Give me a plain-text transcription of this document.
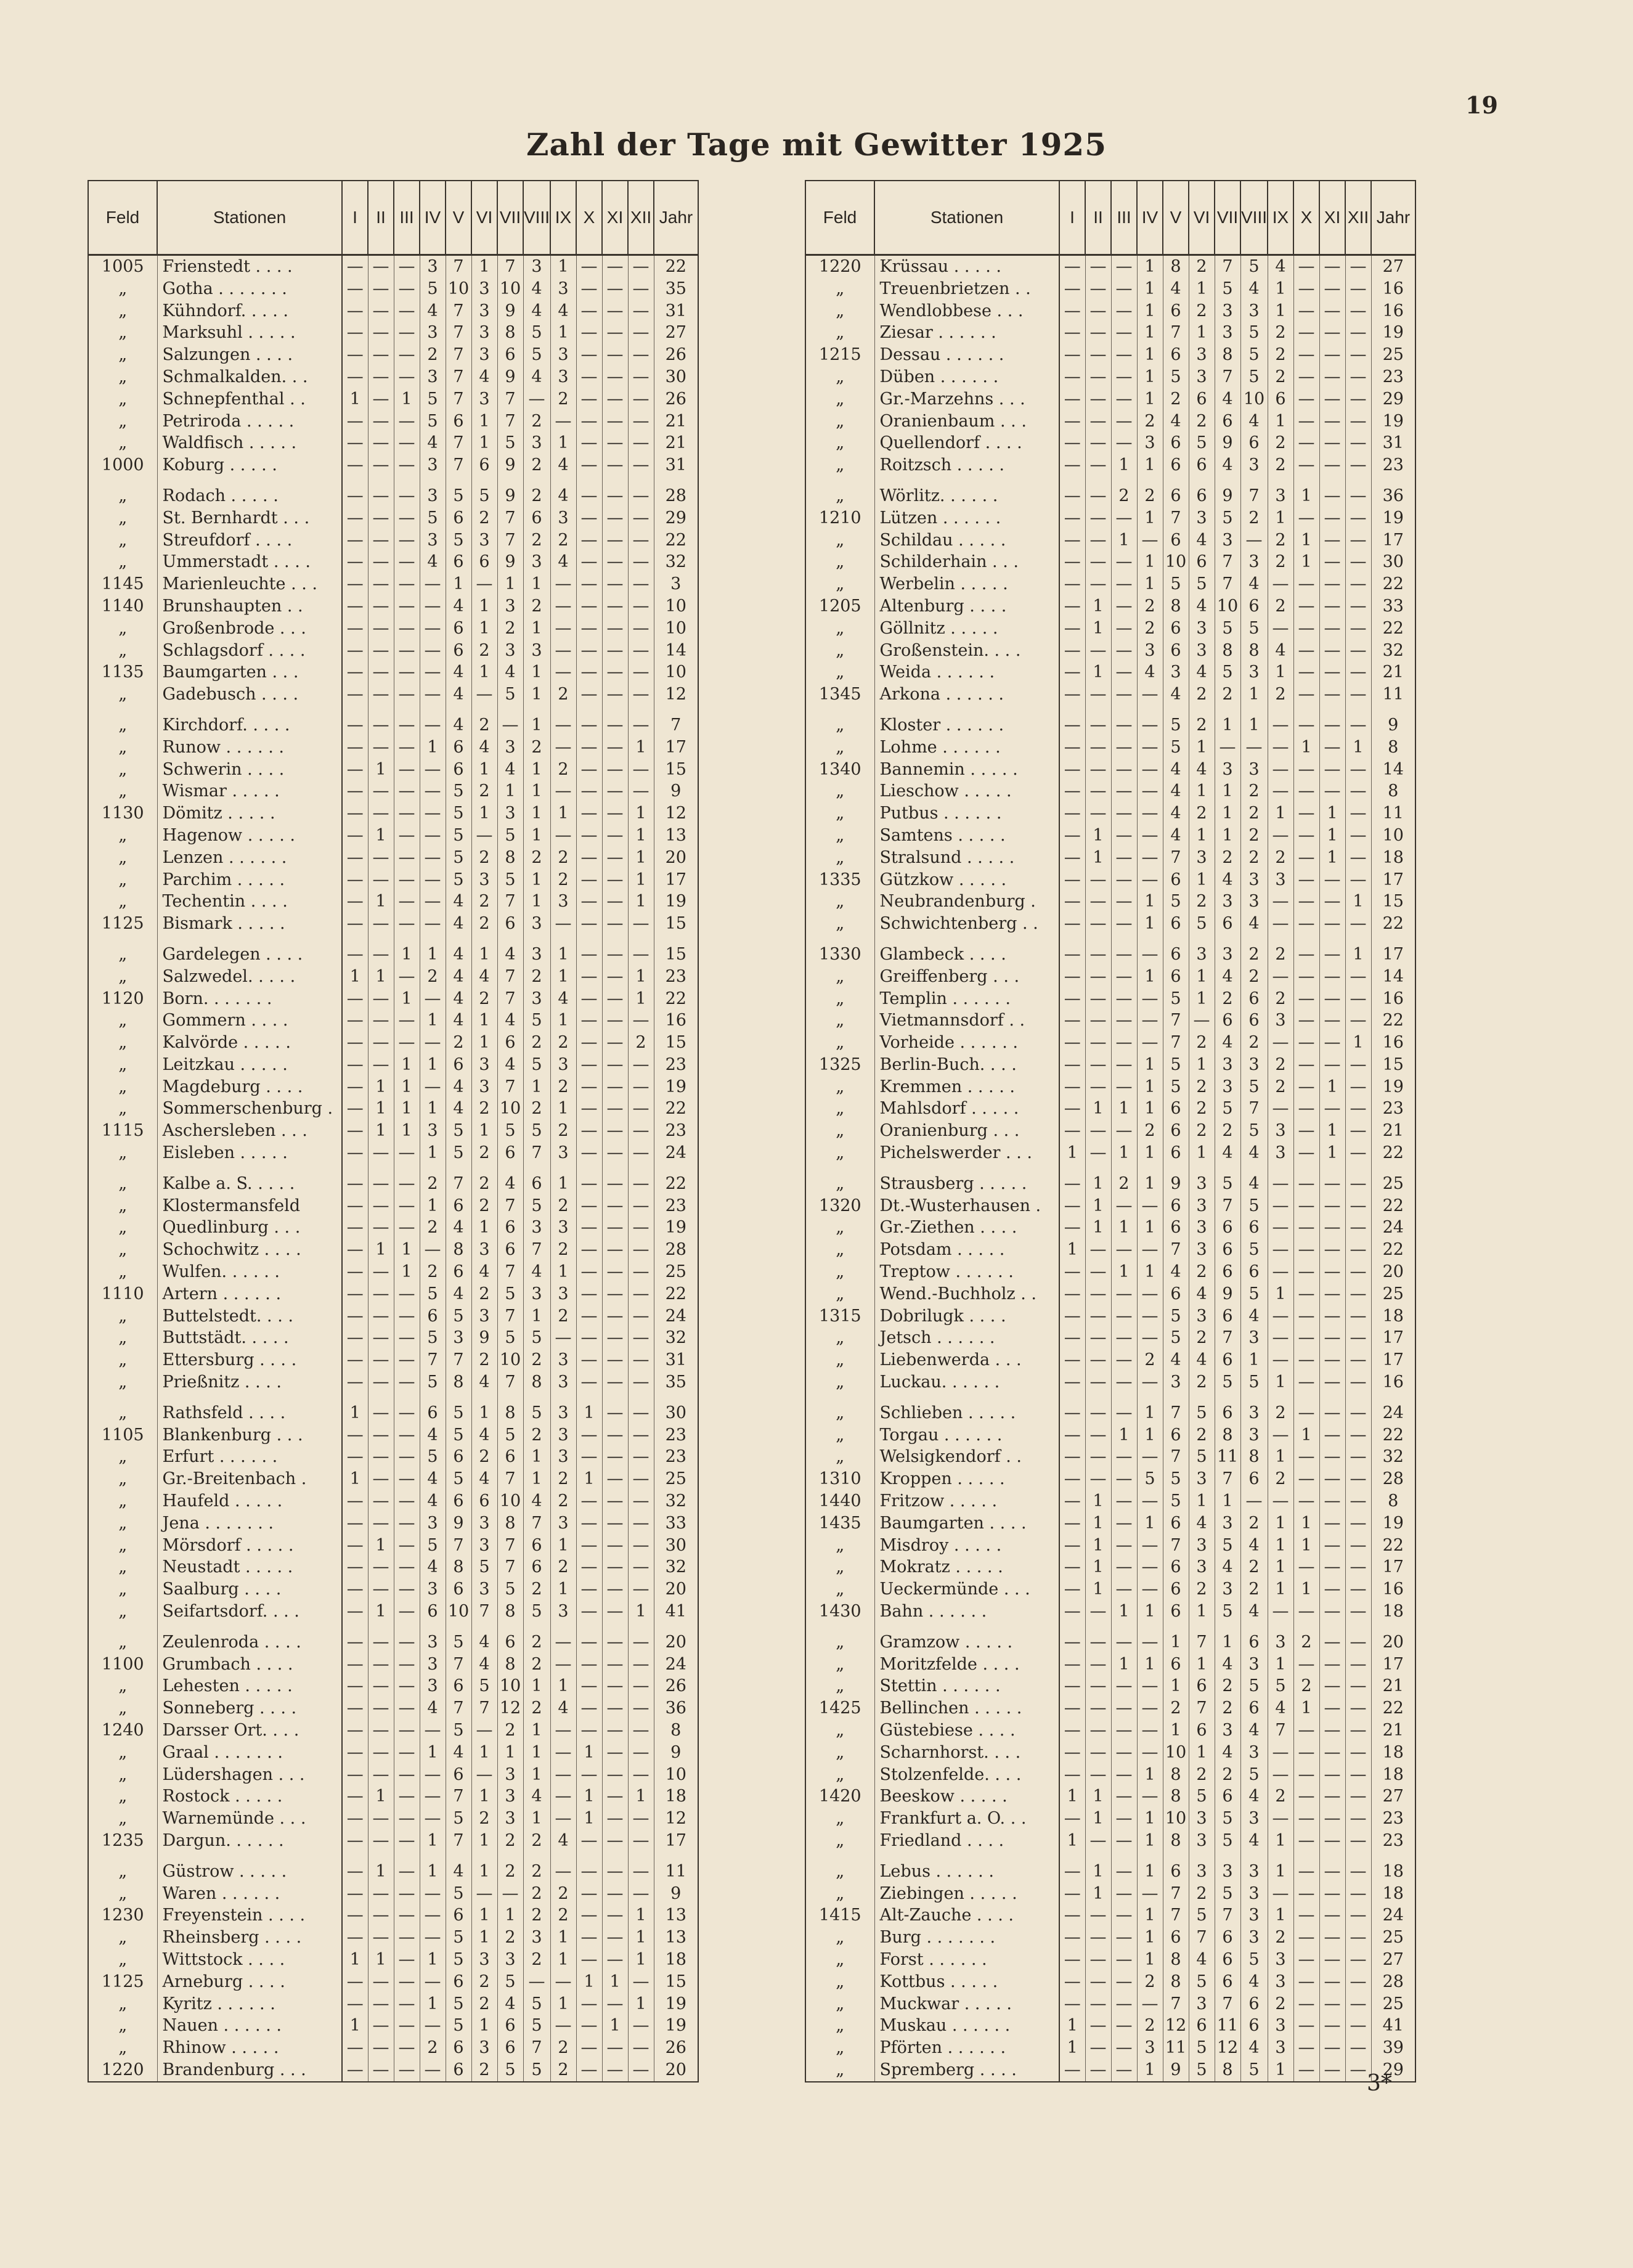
19
Zahl der Tage mit Gewitter 1925
Feld	Stationen	I	II	III	IV	V	VI	VII	VIII	IX	X	XI	XII	Jahr
1005	Frienstedt . . . .	—	—	—	3	7	1	7	3	1	—	—	—	22
„	Gotha . . . . . . .	—	—	—	5	10	3	10	4	3	—	—	—	35
„	Kühndorf. . . . .	—	—	—	4	7	3	9	4	4	—	—	—	31
„	Marksuhl . . . . .	—	—	—	3	7	3	8	5	1	—	—	—	27
„	Salzungen . . . .	—	—	—	2	7	3	6	5	3	—	—	—	26
„	Schmalkalden. . .	—	—	—	3	7	4	9	4	3	—	—	—	30
„	Schnepfenthal . .	1	—	1	5	7	3	7	—	2	—	—	—	26
„	Petriroda . . . . .	—	—	—	5	6	1	7	2	—	—	—	—	21
„	Waldfisch . . . . .	—	—	—	4	7	1	5	3	1	—	—	—	21
1000	Koburg . . . . .	—	—	—	3	7	6	9	2	4	—	—	—	31
„	Rodach . . . . .	—	—	—	3	5	5	9	2	4	—	—	—	28
„	St. Bernhardt . . .	—	—	—	5	6	2	7	6	3	—	—	—	29
„	Streufdorf . . . .	—	—	—	3	5	3	7	2	2	—	—	—	22
„	Ummerstadt . . . .	—	—	—	4	6	6	9	3	4	—	—	—	32
1145	Marienleuchte . . .	—	—	—	—	1	—	1	1	—	—	—	—	3
1140	Brunshaupten . .	—	—	—	—	4	1	3	2	—	—	—	—	10
„	Großenbrode . . .	—	—	—	—	6	1	2	1	—	—	—	—	10
„	Schlagsdorf . . . .	—	—	—	—	6	2	3	3	—	—	—	—	14
1135	Baumgarten . . .	—	—	—	—	4	1	4	1	—	—	—	—	10
„	Gadebusch . . . .	—	—	—	—	4	—	5	1	2	—	—	—	12
„	Kirchdorf. . . . .	—	—	—	—	4	2	—	1	—	—	—	—	7
„	Runow . . . . . .	—	—	—	1	6	4	3	2	—	—	—	1	17
„	Schwerin . . . .	—	1	—	—	6	1	4	1	2	—	—	—	15
„	Wismar . . . . .	—	—	—	—	5	2	1	1	—	—	—	—	9
1130	Dömitz . . . . .	—	—	—	—	5	1	3	1	1	—	—	1	12
„	Hagenow . . . . .	—	1	—	—	5	—	5	1	—	—	—	1	13
„	Lenzen . . . . . .	—	—	—	—	5	2	8	2	2	—	—	1	20
„	Parchim . . . . .	—	—	—	—	5	3	5	1	2	—	—	1	17
„	Techentin . . . .	—	1	—	—	4	2	7	1	3	—	—	1	19
1125	Bismark . . . . .	—	—	—	—	4	2	6	3	—	—	—	—	15
„	Gardelegen . . . .	—	—	1	1	4	1	4	3	1	—	—	—	15
„	Salzwedel. . . . .	1	1	—	2	4	4	7	2	1	—	—	1	23
1120	Born. . . . . . .	—	—	1	—	4	2	7	3	4	—	—	1	22
„	Gommern . . . .	—	—	—	1	4	1	4	5	1	—	—	—	16
„	Kalvörde . . . . .	—	—	—	—	2	1	6	2	2	—	—	2	15
„	Leitzkau . . . . .	—	—	1	1	6	3	4	5	3	—	—	—	23
„	Magdeburg . . . .	—	1	1	—	4	3	7	1	2	—	—	—	19
„	Sommerschenburg .	—	1	1	1	4	2	10	2	1	—	—	—	22
1115	Aschersleben . . .	—	1	1	3	5	1	5	5	2	—	—	—	23
„	Eisleben . . . . .	—	—	—	1	5	2	6	7	3	—	—	—	24
„	Kalbe a. S. . . . .	—	—	—	2	7	2	4	6	1	—	—	—	22
„	Klostermansfeld	—	—	—	1	6	2	7	5	2	—	—	—	23
„	Quedlinburg . . .	—	—	—	2	4	1	6	3	3	—	—	—	19
„	Schochwitz . . . .	—	1	1	—	8	3	6	7	2	—	—	—	28
„	Wulfen. . . . . .	—	—	1	2	6	4	7	4	1	—	—	—	25
1110	Artern . . . . . .	—	—	—	5	4	2	5	3	3	—	—	—	22
„	Buttelstedt. . . .	—	—	—	6	5	3	7	1	2	—	—	—	24
„	Buttstädt. . . . .	—	—	—	5	3	9	5	5	—	—	—	—	32
„	Ettersburg . . . .	—	—	—	7	7	2	10	2	3	—	—	—	31
„	Prießnitz . . . .	—	—	—	5	8	4	7	8	3	—	—	—	35
„	Rathsfeld . . . .	1	—	—	6	5	1	8	5	3	1	—	—	30
1105	Blankenburg . . .	—	—	—	4	5	4	5	2	3	—	—	—	23
„	Erfurt . . . . . .	—	—	—	5	6	2	6	1	3	—	—	—	23
„	Gr.-Breitenbach .	1	—	—	4	5	4	7	1	2	1	—	—	25
„	Haufeld . . . . .	—	—	—	4	6	6	10	4	2	—	—	—	32
„	Jena . . . . . . .	—	—	—	3	9	3	8	7	3	—	—	—	33
„	Mörsdorf . . . . .	—	1	—	5	7	3	7	6	1	—	—	—	30
„	Neustadt . . . . .	—	—	—	4	8	5	7	6	2	—	—	—	32
„	Saalburg . . . .	—	—	—	3	6	3	5	2	1	—	—	—	20
„	Seifartsdorf. . . .	—	1	—	6	10	7	8	5	3	—	—	1	41
„	Zeulenroda . . . .	—	—	—	3	5	4	6	2	—	—	—	—	20
1100	Grumbach . . . .	—	—	—	3	7	4	8	2	—	—	—	—	24
„	Lehesten . . . . .	—	—	—	3	6	5	10	1	1	—	—	—	26
„	Sonneberg . . . .	—	—	—	4	7	7	12	2	4	—	—	—	36
1240	Darsser Ort. . . .	—	—	—	—	5	—	2	1	—	—	—	—	8
„	Graal . . . . . . .	—	—	—	1	4	1	1	1	—	1	—	—	9
„	Lüdershagen . . .	—	—	—	—	6	—	3	1	—	—	—	—	10
„	Rostock . . . . .	—	1	—	—	7	1	3	4	—	1	—	1	18
„	Warnemünde . . .	—	—	—	—	5	2	3	1	—	1	—	—	12
1235	Dargun. . . . . .	—	—	—	1	7	1	2	2	4	—	—	—	17
„	Güstrow . . . . .	—	1	—	1	4	1	2	2	—	—	—	—	11
„	Waren . . . . . .	—	—	—	—	5	—	—	2	2	—	—	—	9
1230	Freyenstein . . . .	—	—	—	—	6	1	1	2	2	—	—	1	13
„	Rheinsberg . . . .	—	—	—	—	5	1	2	3	1	—	—	1	13
„	Wittstock . . . .	1	1	—	1	5	3	3	2	1	—	—	1	18
1125	Arneburg . . . .	—	—	—	—	6	2	5	—	—	1	1	—	15
„	Kyritz . . . . . .	—	—	—	1	5	2	4	5	1	—	—	1	19
„	Nauen . . . . . .	1	—	—	—	5	1	6	5	—	—	1	—	19
„	Rhinow . . . . .	—	—	—	2	6	3	6	7	2	—	—	—	26
1220	Brandenburg . . .	—	—	—	—	6	2	5	5	2	—	—	—	20
Feld	Stationen	I	II	III	IV	V	VI	VII	VIII	IX	X	XI	XII	Jahr
1220	Krüssau . . . . .	—	—	—	1	8	2	7	5	4	—	—	—	27
„	Treuenbrietzen . .	—	—	—	1	4	1	5	4	1	—	—	—	16
„	Wendlobbese . . .	—	—	—	1	6	2	3	3	1	—	—	—	16
„	Ziesar . . . . . .	—	—	—	1	7	1	3	5	2	—	—	—	19
1215	Dessau . . . . . .	—	—	—	1	6	3	8	5	2	—	—	—	25
„	Düben . . . . . .	—	—	—	1	5	3	7	5	2	—	—	—	23
„	Gr.-Marzehns . . .	—	—	—	1	2	6	4	10	6	—	—	—	29
„	Oranienbaum . . .	—	—	—	2	4	2	6	4	1	—	—	—	19
„	Quellendorf . . . .	—	—	—	3	6	5	9	6	2	—	—	—	31
„	Roitzsch . . . . .	—	—	1	1	6	6	4	3	2	—	—	—	23
„	Wörlitz. . . . . .	—	—	2	2	6	6	9	7	3	1	—	—	36
1210	Lützen . . . . . .	—	—	—	1	7	3	5	2	1	—	—	—	19
„	Schildau . . . . .	—	—	1	—	6	4	3	—	2	1	—	—	17
„	Schilderhain . . .	—	—	—	1	10	6	7	3	2	1	—	—	30
„	Werbelin . . . . .	—	—	—	1	5	5	7	4	—	—	—	—	22
1205	Altenburg . . . .	—	1	—	2	8	4	10	6	2	—	—	—	33
„	Göllnitz . . . . .	—	1	—	2	6	3	5	5	—	—	—	—	22
„	Großenstein. . . .	—	—	—	3	6	3	8	8	4	—	—	—	32
„	Weida . . . . . .	—	1	—	4	3	4	5	3	1	—	—	—	21
1345	Arkona . . . . . .	—	—	—	—	4	2	2	1	2	—	—	—	11
„	Kloster . . . . . .	—	—	—	—	5	2	1	1	—	—	—	—	9
„	Lohme . . . . . .	—	—	—	—	5	1	—	—	—	1	—	1	8
1340	Bannemin . . . . .	—	—	—	—	4	4	3	3	—	—	—	—	14
„	Lieschow . . . . .	—	—	—	—	4	1	1	2	—	—	—	—	8
„	Putbus . . . . . .	—	—	—	—	4	2	1	2	1	—	1	—	11
„	Samtens . . . . .	—	1	—	—	4	1	1	2	—	—	1	—	10
„	Stralsund . . . . .	—	1	—	—	7	3	2	2	2	—	1	—	18
1335	Gützkow . . . . .	—	—	—	—	6	1	4	3	3	—	—	—	17
„	Neubrandenburg .	—	—	—	1	5	2	3	3	—	—	—	1	15
„	Schwichtenberg . .	—	—	—	1	6	5	6	4	—	—	—	—	22
1330	Glambeck . . . .	—	—	—	—	6	3	3	2	2	—	—	1	17
„	Greiffenberg . . .	—	—	—	1	6	1	4	2	—	—	—	—	14
„	Templin . . . . . .	—	—	—	—	5	1	2	6	2	—	—	—	16
„	Vietmannsdorf . .	—	—	—	—	7	—	6	6	3	—	—	—	22
„	Vorheide . . . . . .	—	—	—	—	7	2	4	2	—	—	—	1	16
1325	Berlin-Buch. . . .	—	—	—	1	5	1	3	3	2	—	—	—	15
„	Kremmen . . . . .	—	—	—	1	5	2	3	5	2	—	1	—	19
„	Mahlsdorf . . . . .	—	1	1	1	6	2	5	7	—	—	—	—	23
„	Oranienburg . . .	—	—	—	2	6	2	2	5	3	—	1	—	21
„	Pichelswerder . . .	1	—	1	1	6	1	4	4	3	—	1	—	22
„	Strausberg . . . . .	—	1	2	1	9	3	5	4	—	—	—	—	25
1320	Dt.-Wusterhausen .	—	1	—	—	6	3	7	5	—	—	—	—	22
„	Gr.-Ziethen . . . .	—	1	1	1	6	3	6	6	—	—	—	—	24
„	Potsdam . . . . .	1	—	—	—	7	3	6	5	—	—	—	—	22
„	Treptow . . . . . .	—	—	1	1	4	2	6	6	—	—	—	—	20
„	Wend.-Buchholz . .	—	—	—	—	6	4	9	5	1	—	—	—	25
1315	Dobrilugk . . . .	—	—	—	—	5	3	6	4	—	—	—	—	18
„	Jetsch . . . . . .	—	—	—	—	5	2	7	3	—	—	—	—	17
„	Liebenwerda . . .	—	—	—	2	4	4	6	1	—	—	—	—	17
„	Luckau. . . . . .	—	—	—	—	3	2	5	5	1	—	—	—	16
„	Schlieben . . . . .	—	—	—	1	7	5	6	3	2	—	—	—	24
„	Torgau . . . . . .	—	—	1	1	6	2	8	3	—	1	—	—	22
„	Welsigkendorf . .	—	—	—	—	7	5	11	8	1	—	—	—	32
1310	Kroppen . . . . .	—	—	—	5	5	3	7	6	2	—	—	—	28
1440	Fritzow . . . . .	—	1	—	—	5	1	1	—	—	—	—	—	8
1435	Baumgarten . . . .	—	1	—	1	6	4	3	2	1	1	—	—	19
„	Misdroy . . . . .	—	1	—	—	7	3	5	4	1	1	—	—	22
„	Mokratz . . . . .	—	1	—	—	6	3	4	2	1	—	—	—	17
„	Ueckermünde . . .	—	1	—	—	6	2	3	2	1	1	—	—	16
1430	Bahn . . . . . .	—	—	1	1	6	1	5	4	—	—	—	—	18
„	Gramzow . . . . .	—	—	—	—	1	7	1	6	3	2	—	—	20
„	Moritzfelde . . . .	—	—	1	1	6	1	4	3	1	—	—	—	17
„	Stettin . . . . . .	—	—	—	—	1	6	2	5	5	2	—	—	21
1425	Bellinchen . . . . .	—	—	—	—	2	7	2	6	4	1	—	—	22
„	Güstebiese . . . .	—	—	—	—	1	6	3	4	7	—	—	—	21
„	Scharnhorst. . . .	—	—	—	—	10	1	4	3	—	—	—	—	18
„	Stolzenfelde. . . .	—	—	—	1	8	2	2	5	—	—	—	—	18
1420	Beeskow . . . . .	1	1	—	—	8	5	6	4	2	—	—	—	27
„	Frankfurt a. O. . .	—	1	—	1	10	3	5	3	—	—	—	—	23
„	Friedland . . . .	1	—	—	1	8	3	5	4	1	—	—	—	23
„	Lebus . . . . . .	—	1	—	1	6	3	3	3	1	—	—	—	18
„	Ziebingen . . . . .	—	1	—	—	7	2	5	3	—	—	—	—	18
1415	Alt-Zauche . . . .	—	—	—	1	7	5	7	3	1	—	—	—	24
„	Burg . . . . . . .	—	—	—	1	6	7	6	3	2	—	—	—	25
„	Forst . . . . . .	—	—	—	1	8	4	6	5	3	—	—	—	27
„	Kottbus . . . . .	—	—	—	2	8	5	6	4	3	—	—	—	28
„	Muckwar . . . . .	—	—	—	—	7	3	7	6	2	—	—	—	25
„	Muskau . . . . . .	1	—	—	2	12	6	11	6	3	—	—	—	41
„	Pförten . . . . . .	1	—	—	3	11	5	12	4	3	—	—	—	39
„	Spremberg . . . .	—	—	—	1	9	5	8	5	1	—	—	—	29
3*
